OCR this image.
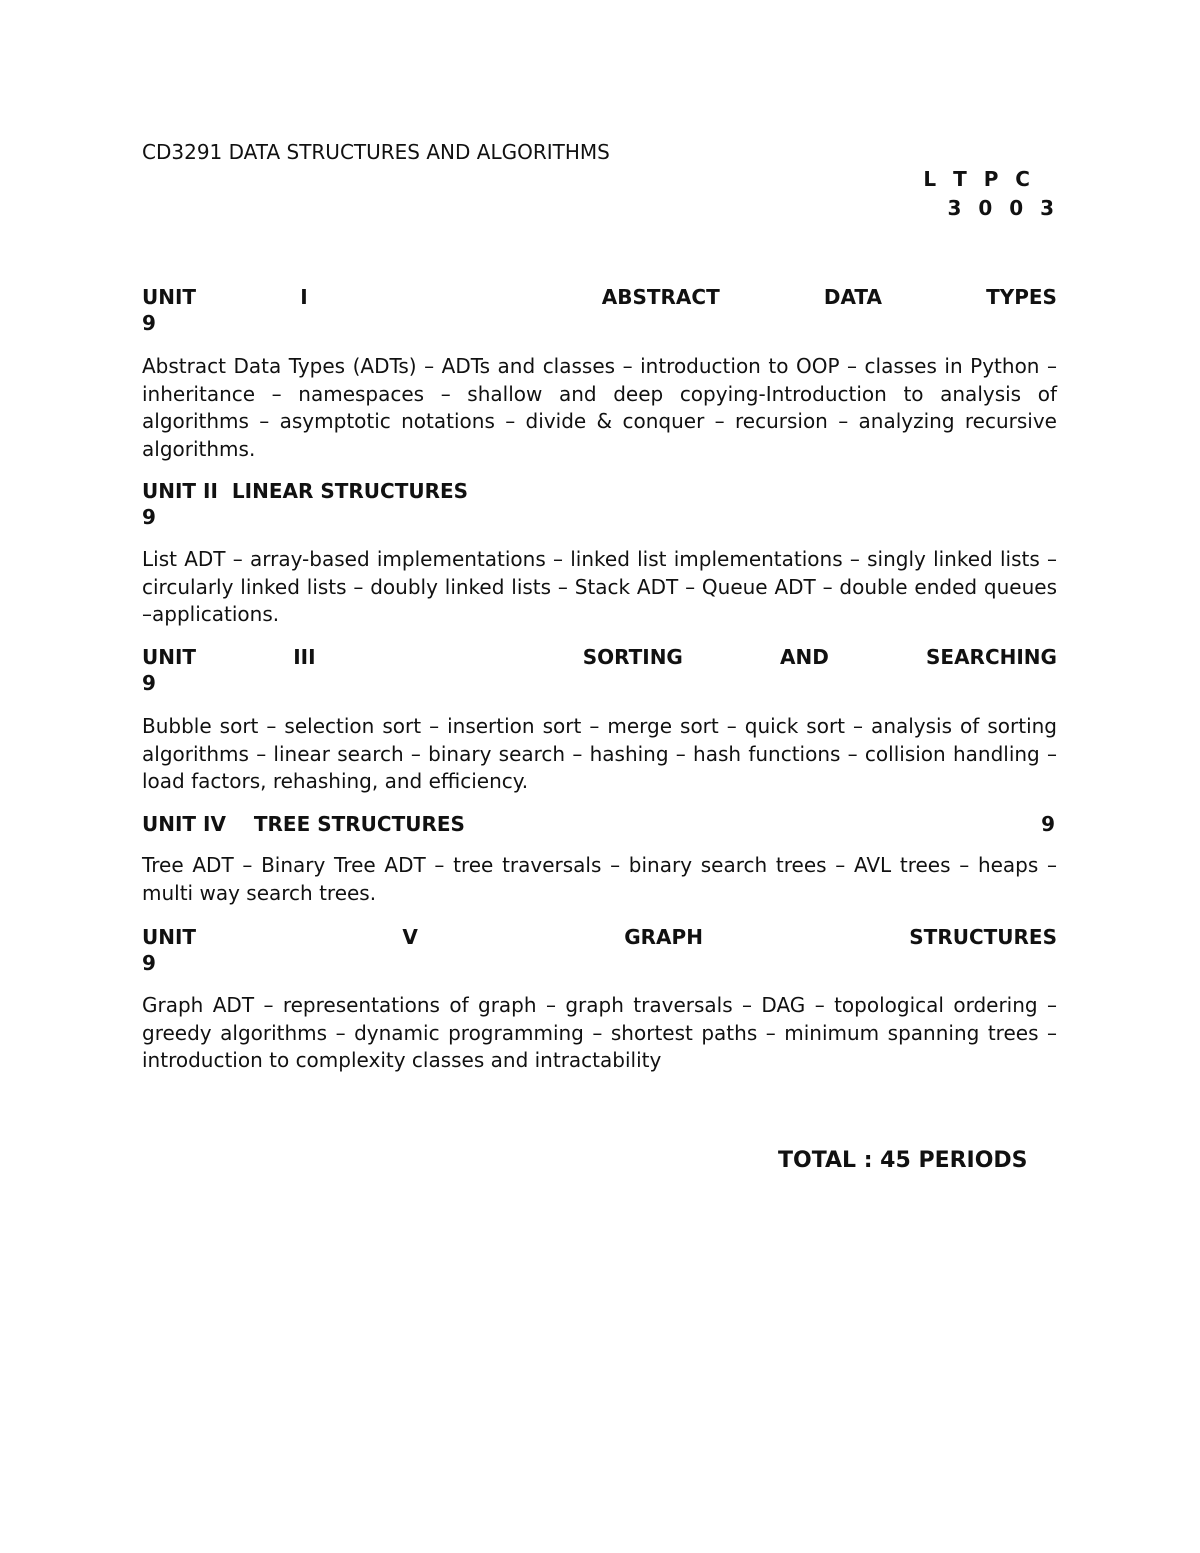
CD3291 DATA STRUCTURES AND ALGORITHMS
L T P C
3 0 0 3
UNIT	I	ABSTRACT	DATA	TYPES
9
Abstract Data Types (ADTs) – ADTs and classes – introduction to OOP – classes in Python –inheritance – namespaces – shallow and deep copying-Introduction to analysis of algorithms – asymptotic notations – divide & conquer – recursion – analyzing recursive algorithms.
UNIT II LINEAR STRUCTURES
9
List ADT – array-based implementations – linked list implementations – singly linked lists –circularly linked lists – doubly linked lists – Stack ADT – Queue ADT – double ended queues –applications.
UNIT	III	SORTING	AND	SEARCHING
9
Bubble sort – selection sort – insertion sort – merge sort – quick sort – analysis of sorting algorithms – linear search – binary search – hashing – hash functions – collision handling – load factors, rehashing, and efficiency.
UNIT IV TREE STRUCTURES	9
Tree ADT – Binary Tree ADT – tree traversals – binary search trees – AVL trees – heaps – multi way search trees.
UNIT	V	GRAPH	STRUCTURES
9
Graph ADT – representations of graph – graph traversals – DAG – topological ordering – greedy algorithms – dynamic programming – shortest paths – minimum spanning trees – introduction to complexity classes and intractability
TOTAL : 45 PERIODS
